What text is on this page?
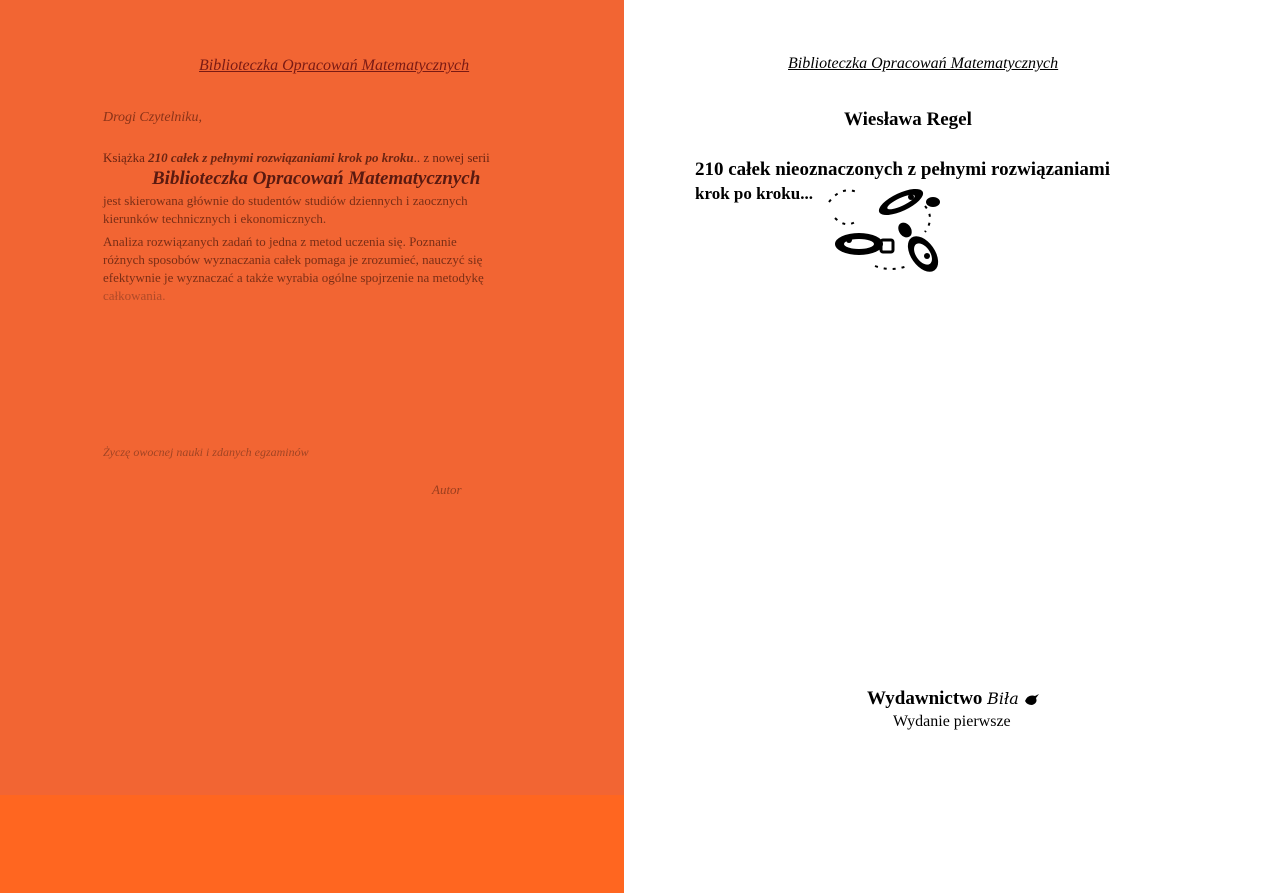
Biblioteczka Opracowań Matematycznych
Drogi Czytelniku,
Książka 210 całek z pełnymi rozwiązaniami krok po kroku.. z nowej serii
Biblioteczka Opracowań Matematycznych
jest skierowana głównie do studentów studiów dziennych i zaocznych
kierunków technicznych i ekonomicznych.
Analiza rozwiązanych zadań to jedna z metod uczenia się. Poznanie
różnych sposobów wyznaczania całek pomaga je zrozumieć, nauczyć się
efektywnie je wyznaczać a także wyrabia ogólne spojrzenie na metodykę
całkowania.
Życzę owocnej nauki i zdanych egzaminów
Autor
Biblioteczka Opracowań Matematycznych
Wiesława Regel
210 całek nieoznaczonych z pełnymi rozwiązaniami
krok po kroku...
Wydawnictwo Biła
Wydanie pierwsze
